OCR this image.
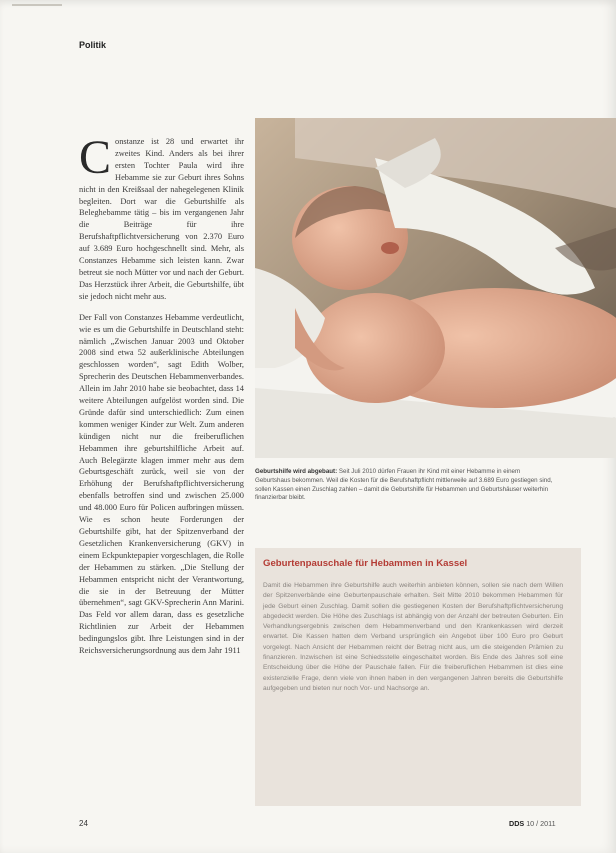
Politik

Constanze ist 28 und erwartet ihr zweites Kind. Anders als bei ihrer ersten Tochter Paula wird ihre Hebamme sie zur Geburt ihres Sohns nicht in den Kreißsaal der nahegelegenen Klinik begleiten. Dort war die Geburtshilfe als Beleghebamme tätig – bis im vergangenen Jahr die Beiträge für ihre Berufshaftpflichtversicherung von 2.370 Euro auf 3.689 Euro hochgeschnellt sind. Mehr, als Constanzes Hebamme sich leisten kann. Zwar betreut sie noch Mütter vor und nach der Geburt. Das Herzstück ihrer Arbeit, die Geburtshilfe, übt sie jedoch nicht mehr aus.

Der Fall von Constanzes Hebamme verdeutlicht, wie es um die Geburtshilfe in Deutschland steht: nämlich „Zwischen Januar 2003 und Oktober 2008 sind etwa 52 außerklinische Abteilungen geschlossen worden“, sagt Edith Wolber, Sprecherin des Deutschen Hebammenverbandes. Allein im Jahr 2010 habe sie beobachtet, dass 14 weitere Abteilungen aufgelöst worden sind. Die Gründe dafür sind unterschiedlich: Zum einen kommen weniger Kinder zur Welt. Zum anderen kündigen nicht nur die freiberuflichen Hebammen ihre geburtshilfliche Arbeit auf. Auch Belegärzte klagen immer mehr aus dem Geburtsgeschäft zurück, weil sie von der Erhöhung der Berufshaftpflichtversicherung ebenfalls betroffen sind und zwischen 25.000 und 48.000 Euro für Policen aufbringen müssen. Wie es schon heute Forderungen der Geburtshilfe gibt, hat der Spitzenverband der Gesetzlichen Krankenversicherung (GKV) in einem Eckpunktepapier vorgeschlagen, die Rolle der Hebammen zu stärken. „Die Stellung der Hebammen entspricht nicht der Verantwortung, die sie in der Betreuung der Mütter übernehmen“, sagt GKV-Sprecherin Ann Marini. Das Feld vor allem daran, dass es gesetzliche Richtlinien zur Arbeit der Hebammen bedingungslos gibt. Ihre Leistungen sind in der Reichsversicherungsordnung aus dem Jahr 1911

Geburtshilfe wird abgebaut: Seit Juli 2010 dürfen Frauen ihr Kind mit einer Hebamme in einem Geburtshaus bekommen. Weil die Kosten für die Berufshaftpflicht mittlerweile auf 3.689 Euro gestiegen sind, sollen Kassen einen Zuschlag zahlen – damit die Geburtshilfe für Hebammen und Geburtshäuser weiterhin finanzierbar bleibt.
Geburtenpauschale für Hebammen in Kassel
Damit die Hebammen ihre Geburtshilfe auch weiterhin anbieten können, sollen sie nach dem Willen der Spitzenverbände eine Geburtenpauschale erhalten. Seit Mitte 2010 bekommen Hebammen für jede Geburt einen Zuschlag. Damit sollen die gestiegenen Kosten der Berufshaftpflichtversicherung abgedeckt werden. Die Höhe des Zuschlags ist abhängig von der Anzahl der betreuten Geburten. Ein Verhandlungsergebnis zwischen dem Hebammenverband und den Krankenkassen wird derzeit erwartet. Die Kassen hatten dem Verband ursprünglich ein Angebot über 100 Euro pro Geburt vorgelegt. Nach Ansicht der Hebammen reicht der Betrag nicht aus, um die steigenden Prämien zu finanzieren. Inzwischen ist eine Schiedsstelle eingeschaltet worden. Bis Ende des Jahres soll eine Entscheidung über die Höhe der Pauschale fallen. Für die freiberuflichen Hebammen ist dies eine existenzielle Frage, denn viele von ihnen haben in den vergangenen Jahren bereits die Geburtshilfe aufgegeben und bieten nur noch Vor- und Nachsorge an.
24	DDS 10 / 2011
